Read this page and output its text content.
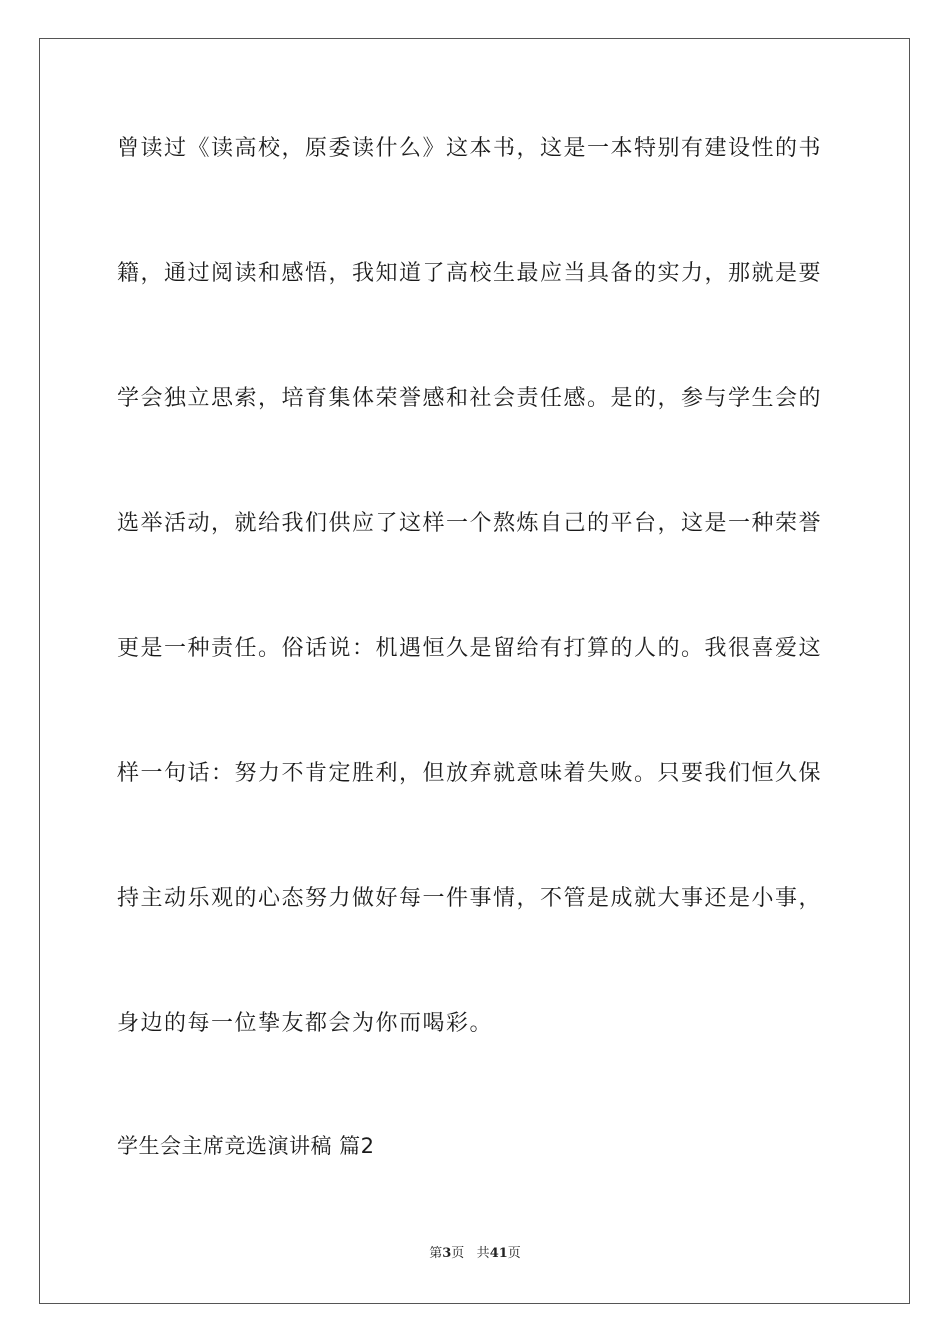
曾读过《读高校，原委读什么》这本书，这是一本特别有建设性的书
籍，通过阅读和感悟，我知道了高校生最应当具备的实力，那就是要
学会独立思索，培育集体荣誉感和社会责任感。是的，参与学生会的
选举活动，就给我们供应了这样一个熬炼自己的平台，这是一种荣誉
更是一种责任。俗话说：机遇恒久是留给有打算的人的。我很喜爱这
样一句话：努力不肯定胜利，但放弃就意味着失败。只要我们恒久保
持主动乐观的心态努力做好每一件事情，不管是成就大事还是小事，
身边的每一位挚友都会为你而喝彩。
学生会主席竞选演讲稿 篇2
第3页 共41页
